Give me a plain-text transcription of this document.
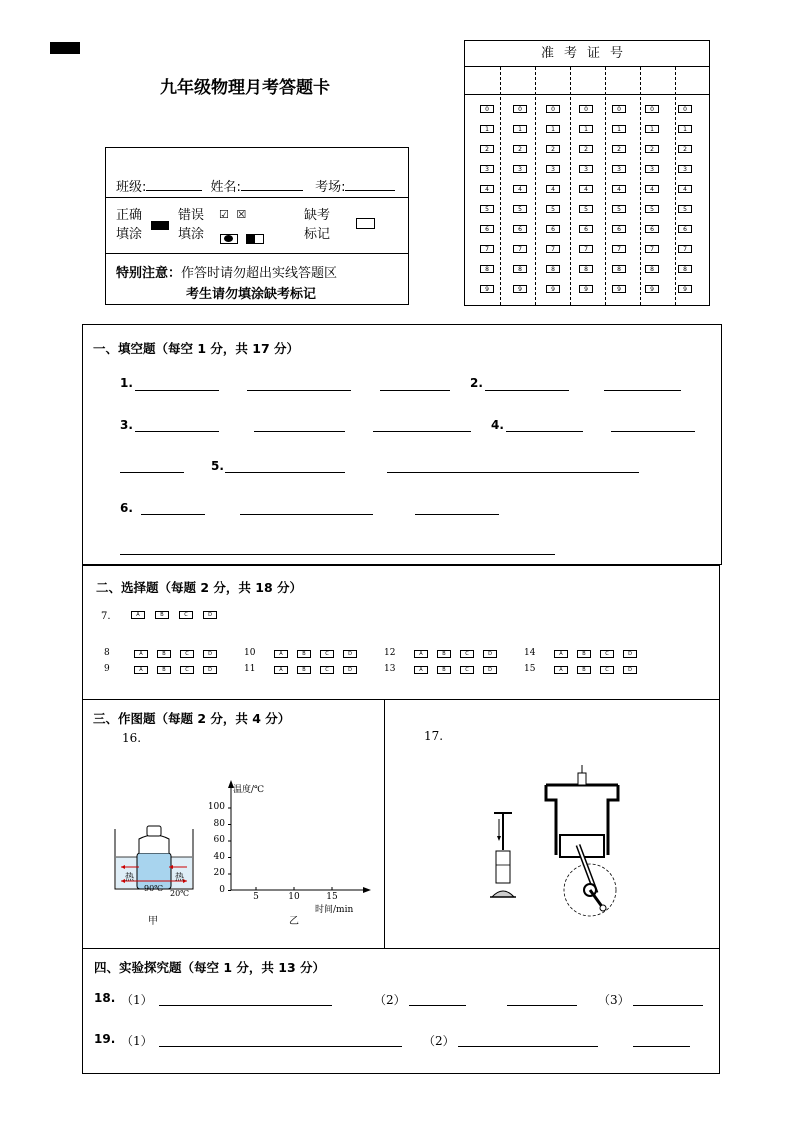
九年级物理月考答题卡
班级:	姓名:	考场:
正确
填涂
错误
填涂
☑ ☒
	缺考
标记
特别注意：作答时请勿超出实线答题区
考生请勿填涂缺考标记
准考证号
0	0	0	0	0	0	0
1	1	1	1	1	1	1
2	2	2	2	2	2	2
3	3	3	3	3	3	3
4	4	4	4	4	4	4
5	5	5	5	5	5	5
6	6	6	6	6	6	6
7	7	7	7	7	7	7
8	8	8	8	8	8	8
9	9	9	9	9	9	9
一、填空题（每空 1 分，共 17 分）
1.	2.
3.	4.
5.
6.
二、选择题（每题 2 分，共 18 分）
7.	A	B	C	D
8	A	B	C	D
9	A	B	C	D
10	A	B	C	D
11	A	B	C	D
12	A	B	C	D
13	A	B	C	D
14	A	B	C	D
15	A	B	C	D
三、作图题（每题 2 分，共 4 分）
16.	17.
热	热
90℃
20℃
甲
温度/℃
时间/min
乙
100
80
60
40
20
0
5	10	15
四、实验探究题（每空 1 分，共 13 分）
18. （1）	（2）	（3）
19. （1）	（2）
